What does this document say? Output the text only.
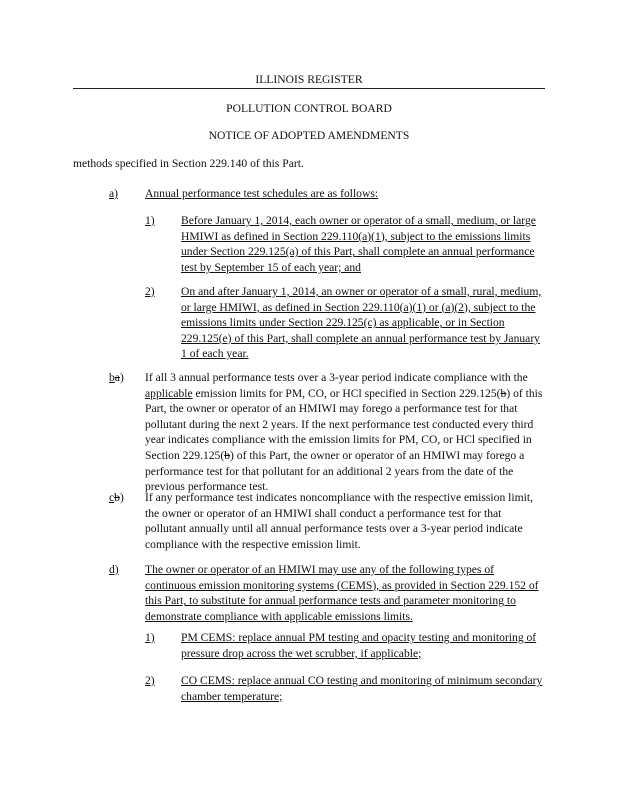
ILLINOIS REGISTER
POLLUTION CONTROL BOARD
NOTICE OF ADOPTED AMENDMENTS
methods specified in Section 229.140 of this Part.
a) Annual performance test schedules are as follows:
1) Before January 1, 2014, each owner or operator of a small, medium, or large HMIWI as defined in Section 229.110(a)(1), subject to the emissions limits under Section 229.125(a) of this Part, shall complete an annual performance test by September 15 of each year; and
2) On and after January 1, 2014, an owner or operator of a small, rural, medium, or large HMIWI, as defined in Section 229.110(a)(1) or (a)(2), subject to the emissions limits under Section 229.125(c) as applicable, or in Section 229.125(e) of this Part, shall complete an annual performance test by January 1 of each year.
ba) If all 3 annual performance tests over a 3-year period indicate compliance with the applicable emission limits for PM, CO, or HCl specified in Section 229.125(b) of this Part, the owner or operator of an HMIWI may forego a performance test for that pollutant during the next 2 years. If the next performance test conducted every third year indicates compliance with the emission limits for PM, CO, or HCl specified in Section 229.125(b) of this Part, the owner or operator of an HMIWI may forego a performance test for that pollutant for an additional 2 years from the date of the previous performance test.
cb) If any performance test indicates noncompliance with the respective emission limit, the owner or operator of an HMIWI shall conduct a performance test for that pollutant annually until all annual performance tests over a 3-year period indicate compliance with the respective emission limit.
d) The owner or operator of an HMIWI may use any of the following types of continuous emission monitoring systems (CEMS), as provided in Section 229.152 of this Part, to substitute for annual performance tests and parameter monitoring to demonstrate compliance with applicable emissions limits.
1) PM CEMS: replace annual PM testing and opacity testing and monitoring of pressure drop across the wet scrubber, if applicable;
2) CO CEMS: replace annual CO testing and monitoring of minimum secondary chamber temperature;
